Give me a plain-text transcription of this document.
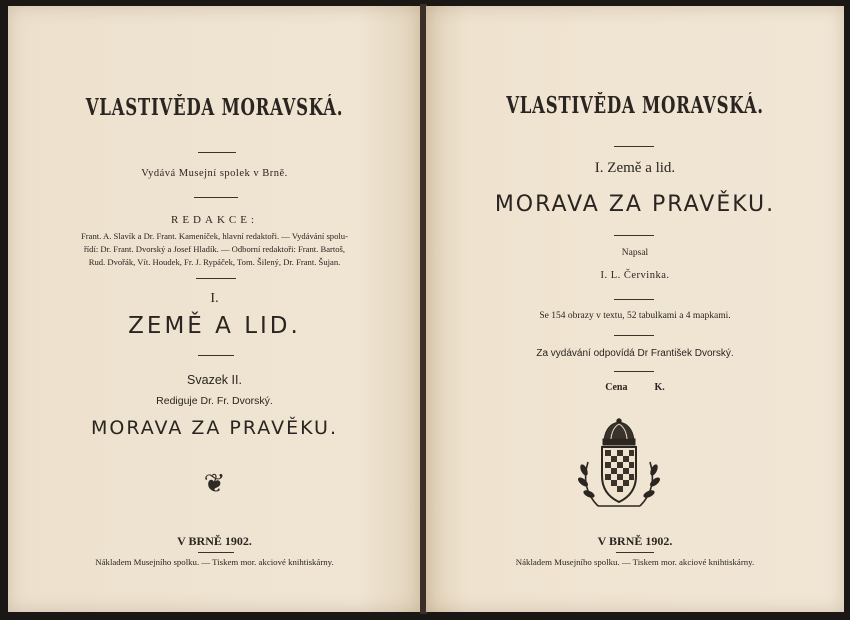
VLASTIVĚDA MORAVSKÁ.
Vydává Musejní spolek v Brně.
REDAKCE:
Frant. A. Slavík a Dr. Frant. Kameníček, hlavní redaktoři. — Vydávání spolu-
řídí: Dr. Frant. Dvorský a Josef Hladík. — Odborní redaktoři: Frant. Bartoš,
Rud. Dvořák, Vít. Houdek, Fr. J. Rypáček, Tom. Šilený, Dr. Frant. Šujan.
I.
ZEMĚ A LID.
Svazek II.
Rediguje Dr. Fr. Dvorský.
MORAVA ZA PRAVĚKU.
❦
V BRNĚ 1902.
Nákladem Musejního spolku. — Tiskem mor. akciové knihtiskárny.
VLASTIVĚDA MORAVSKÁ.
I. Země a lid.
MORAVA ZA PRAVĚKU.
Napsal
I. L. Červinka.
Se 154 obrazy v textu, 52 tabulkami a 4 mapkami.
Za vydávání odpovídá Dr František Dvorský.
Cena	K.
V BRNĚ 1902.
Nákladem Musejního spolku. — Tiskem mor. akciové knihtiskárny.
